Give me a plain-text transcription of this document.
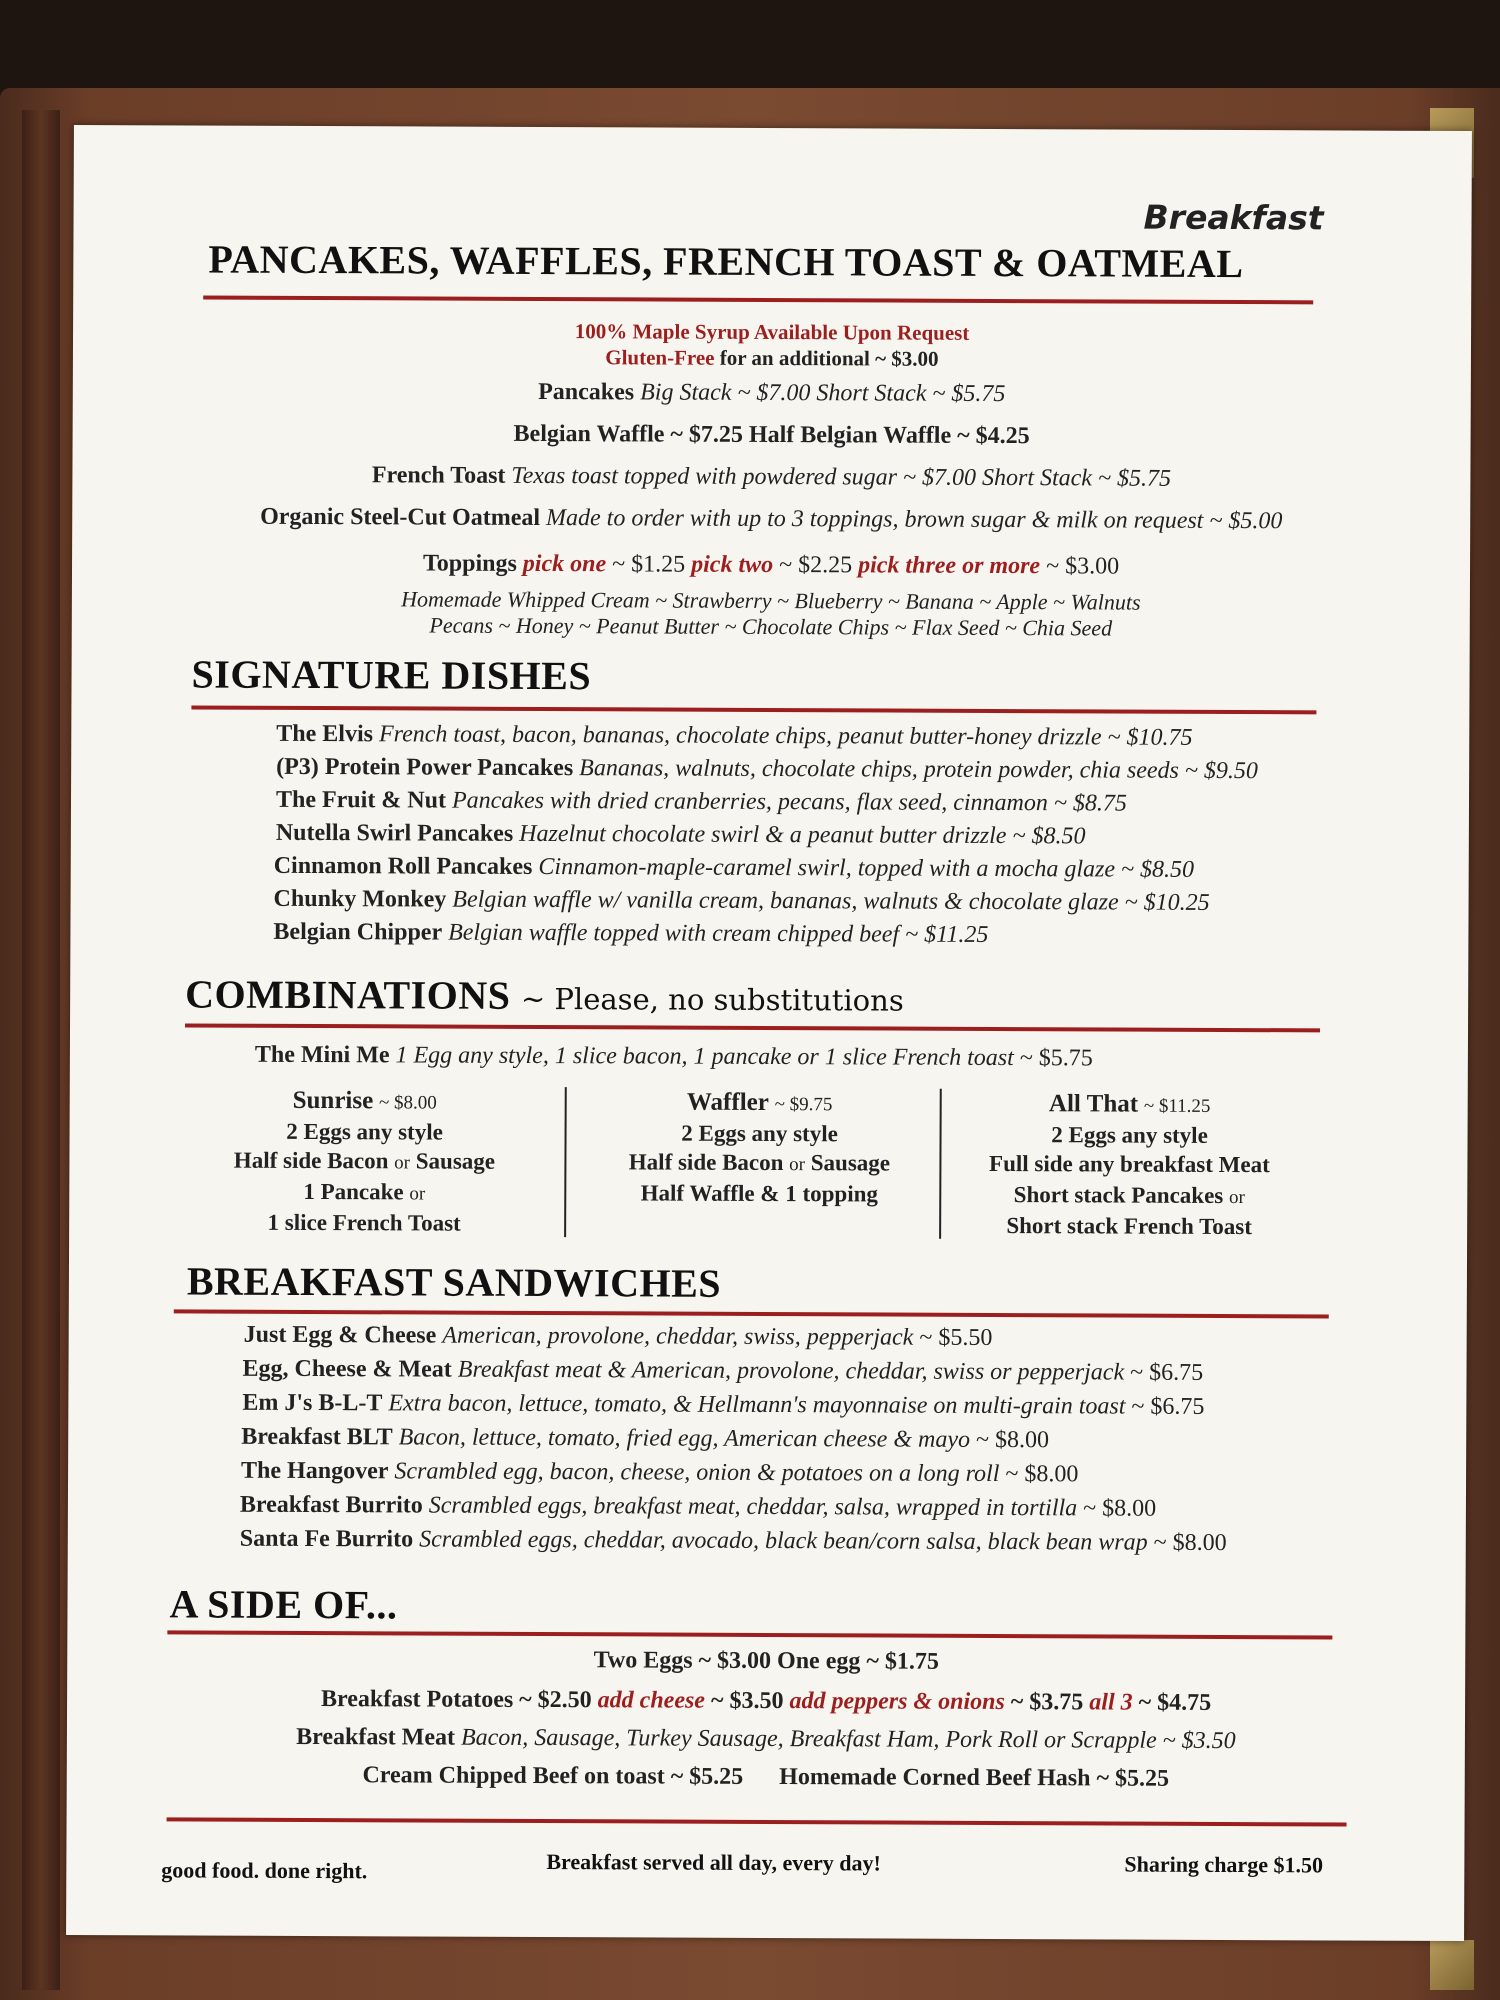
Breakfast
PANCAKES, WAFFLES, FRENCH TOAST & OATMEAL
100% Maple Syrup Available Upon Request
Gluten-Free for an additional ~ $3.00
Pancakes Big Stack ~ $7.00 Short Stack ~ $5.75
Belgian Waffle ~ $7.25 Half Belgian Waffle ~ $4.25
French Toast Texas toast topped with powdered sugar ~ $7.00 Short Stack ~ $5.75
Organic Steel-Cut Oatmeal Made to order with up to 3 toppings, brown sugar & milk on request ~ $5.00
Toppings pick one ~ $1.25 pick two ~ $2.25 pick three or more ~ $3.00
Homemade Whipped Cream ~ Strawberry ~ Blueberry ~ Banana ~ Apple ~ Walnuts
Pecans ~ Honey ~ Peanut Butter ~ Chocolate Chips ~ Flax Seed ~ Chia Seed
SIGNATURE DISHES
The Elvis French toast, bacon, bananas, chocolate chips, peanut butter-honey drizzle ~ $10.75
(P3) Protein Power Pancakes Bananas, walnuts, chocolate chips, protein powder, chia seeds ~ $9.50
The Fruit & Nut Pancakes with dried cranberries, pecans, flax seed, cinnamon ~ $8.75
Nutella Swirl Pancakes Hazelnut chocolate swirl & a peanut butter drizzle ~ $8.50
Cinnamon Roll Pancakes Cinnamon-maple-caramel swirl, topped with a mocha glaze ~ $8.50
Chunky Monkey Belgian waffle w/ vanilla cream, bananas, walnuts & chocolate glaze ~ $10.25
Belgian Chipper Belgian waffle topped with cream chipped beef ~ $11.25
COMBINATIONS ~ Please, no substitutions
The Mini Me 1 Egg any style, 1 slice bacon, 1 pancake or 1 slice French toast ~ $5.75
Sunrise ~ $8.00
2 Eggs any style
Half side Bacon or Sausage
1 Pancake or
1 slice French Toast
Waffler ~ $9.75
2 Eggs any style
Half side Bacon or Sausage
Half Waffle & 1 topping
All That ~ $11.25
2 Eggs any style
Full side any breakfast Meat
Short stack Pancakes or
Short stack French Toast
BREAKFAST SANDWICHES
Just Egg & Cheese American, provolone, cheddar, swiss, pepperjack ~ $5.50
Egg, Cheese & Meat Breakfast meat & American, provolone, cheddar, swiss or pepperjack ~ $6.75
Em J's B-L-T Extra bacon, lettuce, tomato, & Hellmann's mayonnaise on multi-grain toast ~ $6.75
Breakfast BLT Bacon, lettuce, tomato, fried egg, American cheese & mayo ~ $8.00
The Hangover Scrambled egg, bacon, cheese, onion & potatoes on a long roll ~ $8.00
Breakfast Burrito Scrambled eggs, breakfast meat, cheddar, salsa, wrapped in tortilla ~ $8.00
Santa Fe Burrito Scrambled eggs, cheddar, avocado, black bean/corn salsa, black bean wrap ~ $8.00
A SIDE OF...
Two Eggs ~ $3.00 One egg ~ $1.75
Breakfast Potatoes ~ $2.50 add cheese ~ $3.50 add peppers & onions ~ $3.75 all 3 ~ $4.75
Breakfast Meat Bacon, Sausage, Turkey Sausage, Breakfast Ham, Pork Roll or Scrapple ~ $3.50
Cream Chipped Beef on toast ~ $5.25 Homemade Corned Beef Hash ~ $5.25
good food. done right.	Breakfast served all day, every day!	Sharing charge $1.50
